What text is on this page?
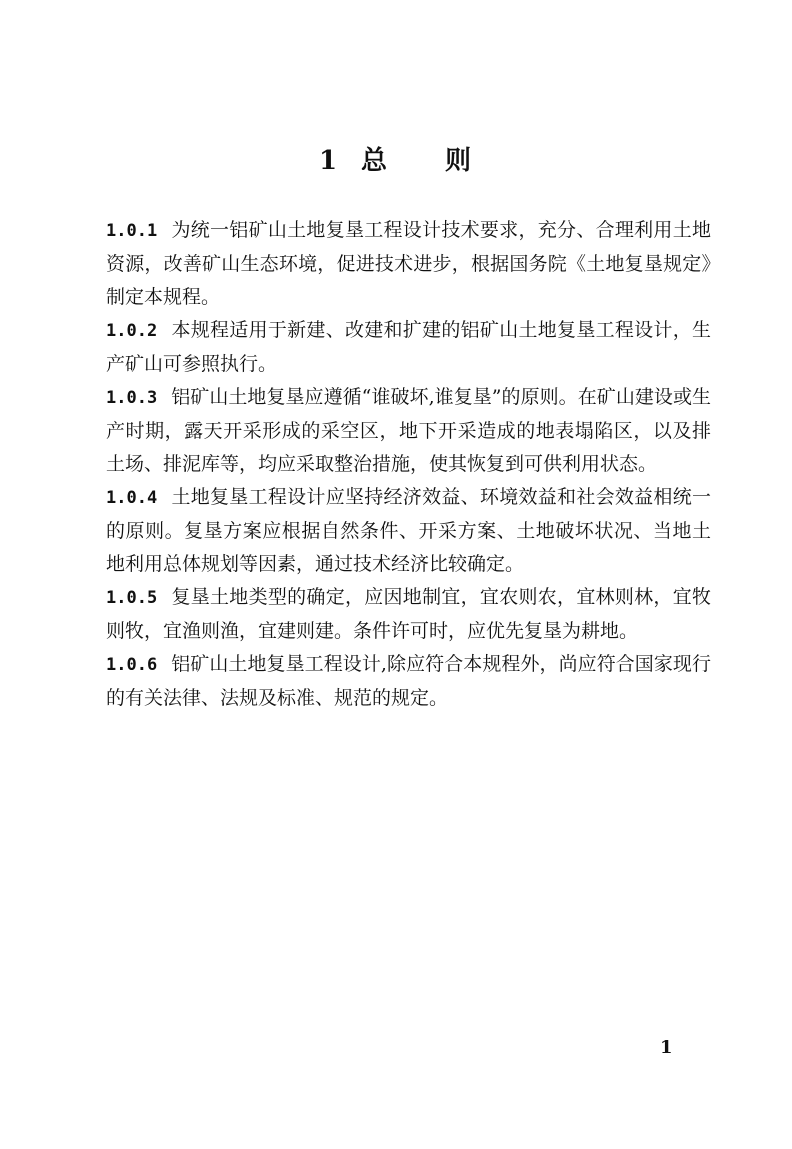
1 总 则

1.0.1 为统一铝矿山土地复垦工程设计技术要求，充分、合理利用土地资源，改善矿山生态环境，促进技术进步，根据国务院《土地复垦规定》制定本规程。

1.0.2 本规程适用于新建、改建和扩建的铝矿山土地复垦工程设计，生产矿山可参照执行。

1.0.3 铝矿山土地复垦应遵循“谁破坏,谁复垦”的原则。在矿山建设或生产时期，露天开采形成的采空区，地下开采造成的地表塌陷区，以及排土场、排泥库等，均应采取整治措施，使其恢复到可供利用状态。

1.0.4 土地复垦工程设计应坚持经济效益、环境效益和社会效益相统一的原则。复垦方案应根据自然条件、开采方案、土地破坏状况、当地土地利用总体规划等因素，通过技术经济比较确定。

1.0.5 复垦土地类型的确定，应因地制宜，宜农则农，宜林则林，宜牧则牧，宜渔则渔，宜建则建。条件许可时，应优先复垦为耕地。

1.0.6 铝矿山土地复垦工程设计,除应符合本规程外，尚应符合国家现行的有关法律、法规及标准、规范的规定。

1
